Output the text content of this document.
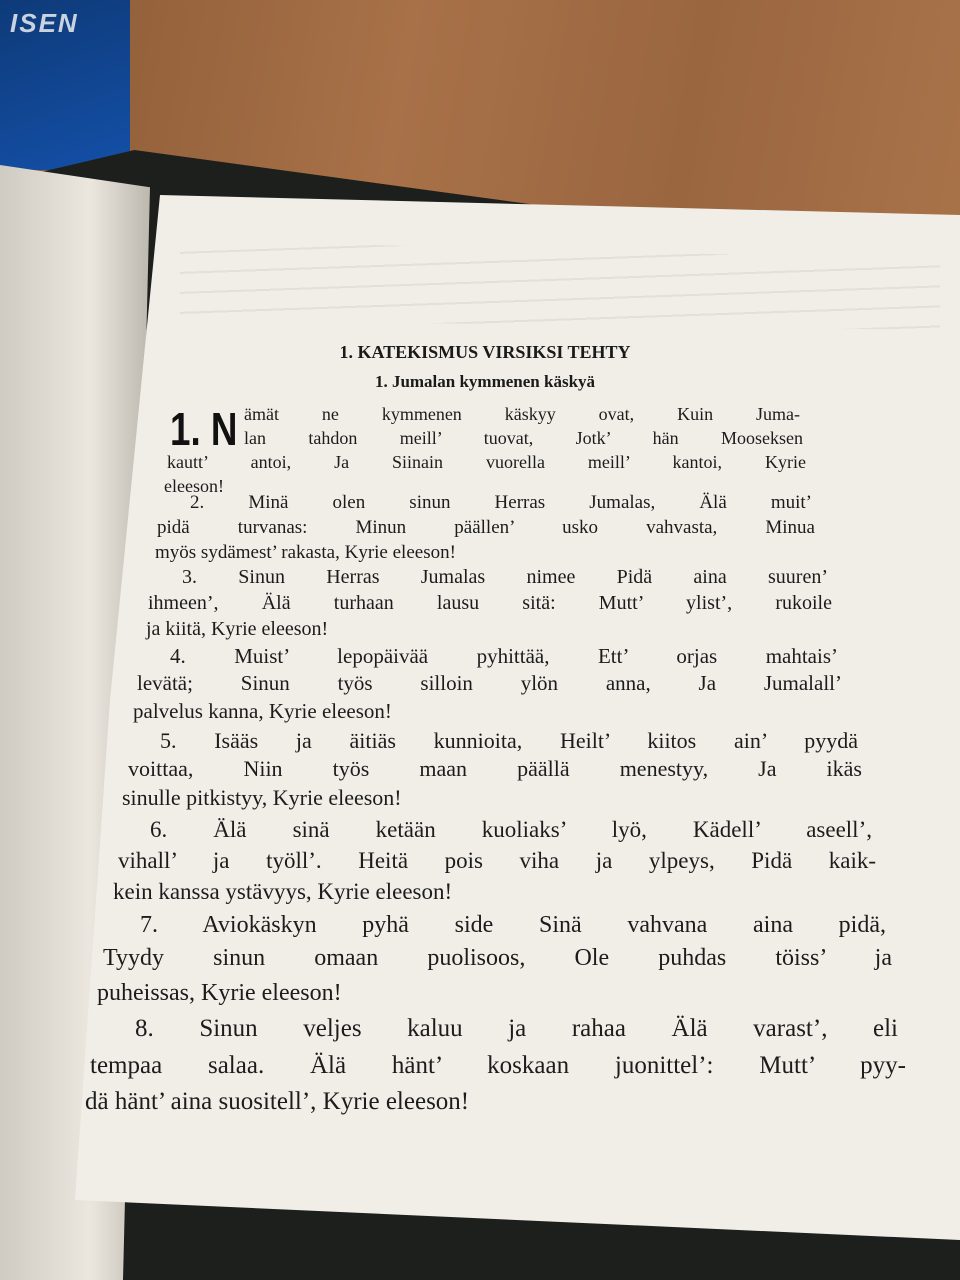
ISEN
1. KATEKISMUS VIRSIKSI TEHTY
1. Jumalan kymmenen käskyä
1. N ämät ne kymmenen käskyy ovat, Kuin Juma-
lan tahdon meill’ tuovat, Jotk’ hän Mooseksen
kautt’ antoi, Ja Siinain vuorella meill’ kantoi, Kyrie
eleeson!
2. Minä olen sinun Herras Jumalas, Älä muit’
pidä turvanas: Minun päällen’ usko vahvasta, Minua
myös sydämest’ rakasta, Kyrie eleeson!
3. Sinun Herras Jumalas nimee Pidä aina suuren’
ihmeen’, Älä turhaan lausu sitä: Mutt’ ylist’, rukoile
ja kiitä, Kyrie eleeson!
4. Muist’ lepopäivää pyhittää, Ett’ orjas mahtais’
levätä; Sinun työs silloin ylön anna, Ja Jumalall’
palvelus kanna, Kyrie eleeson!
5. Isääs ja äitiäs kunnioita, Heilt’ kiitos ain’ pyydä
voittaa, Niin työs maan päällä menestyy, Ja ikäs
sinulle pitkistyy, Kyrie eleeson!
6. Älä sinä ketään kuoliaks’ lyö, Kädell’ aseell’,
vihall’ ja työll’. Heitä pois viha ja ylpeys, Pidä kaik-
kein kanssa ystävyys, Kyrie eleeson!
7. Aviokäskyn pyhä side Sinä vahvana aina pidä,
Tyydy sinun omaan puolisoos, Ole puhdas töiss’ ja
puheissas, Kyrie eleeson!
8. Sinun veljes kaluu ja rahaa Älä varast’, eli
tempaa salaa. Älä hänt’ koskaan juonittel’: Mutt’ pyy-
dä hänt’ aina suositell’, Kyrie eleeson!
